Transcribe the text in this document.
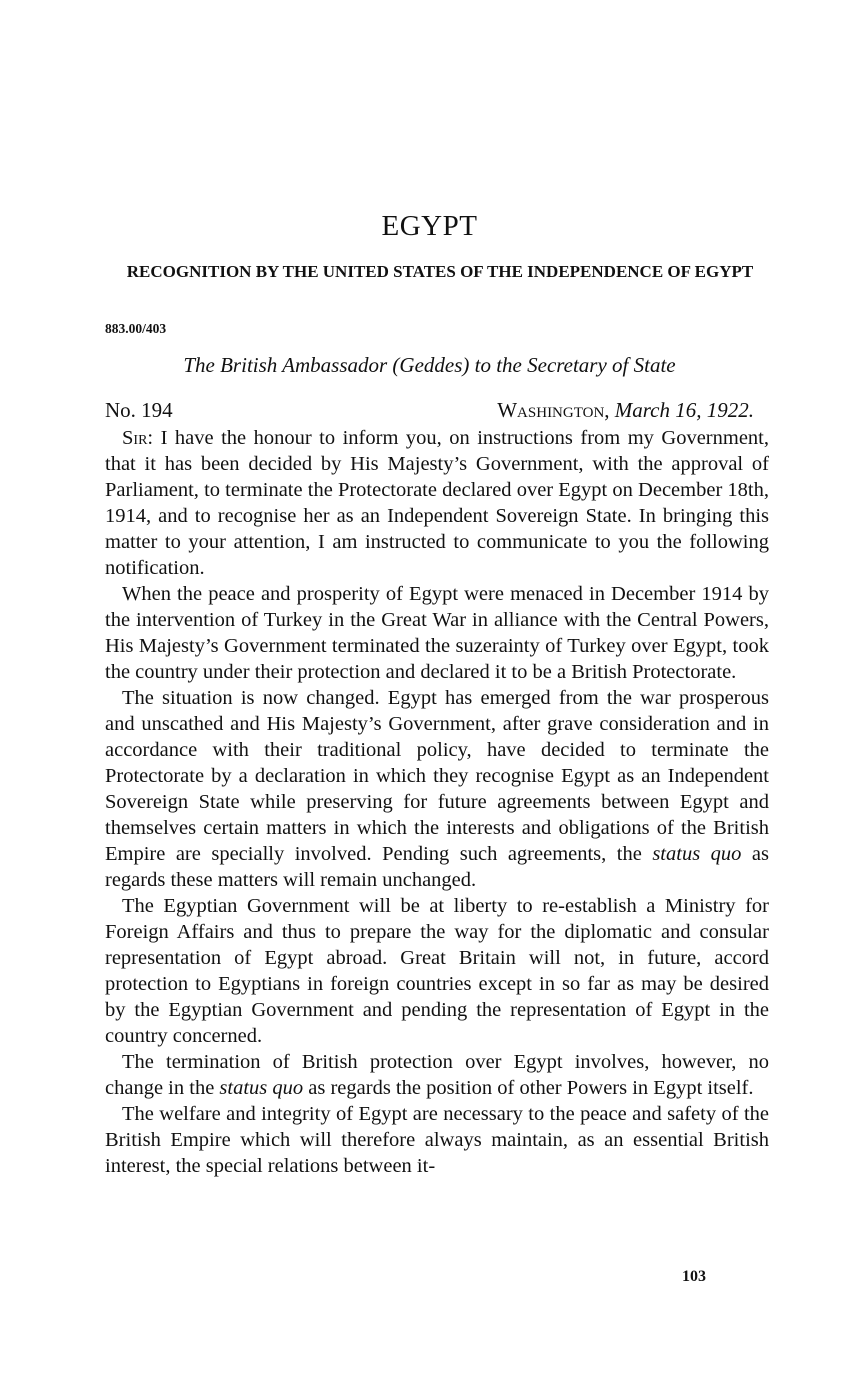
EGYPT
RECOGNITION BY THE UNITED STATES OF THE INDEPENDENCE OF EGYPT
883.00/403
The British Ambassador (Geddes) to the Secretary of State
No. 194	Washington, March 16, 1922.

Sir: I have the honour to inform you, on instructions from my Government, that it has been decided by His Majesty’s Government, with the approval of Parliament, to terminate the Protectorate declared over Egypt on December 18th, 1914, and to recognise her as an Independent Sovereign State. In bringing this matter to your attention, I am instructed to communicate to you the following notification.

When the peace and prosperity of Egypt were menaced in December 1914 by the intervention of Turkey in the Great War in alliance with the Central Powers, His Majesty’s Government terminated the suzerainty of Turkey over Egypt, took the country under their protection and declared it to be a British Protectorate.

The situation is now changed. Egypt has emerged from the war prosperous and unscathed and His Majesty’s Government, after grave consideration and in accordance with their traditional policy, have decided to terminate the Protectorate by a declaration in which they recognise Egypt as an Independent Sovereign State while preserving for future agreements between Egypt and themselves certain matters in which the interests and obligations of the British Empire are specially involved. Pending such agreements, the status quo as regards these matters will remain unchanged.

The Egyptian Government will be at liberty to re-establish a Ministry for Foreign Affairs and thus to prepare the way for the diplomatic and consular representation of Egypt abroad. Great Britain will not, in future, accord protection to Egyptians in foreign countries except in so far as may be desired by the Egyptian Government and pending the representation of Egypt in the country concerned.

The termination of British protection over Egypt involves, however, no change in the status quo as regards the position of other Powers in Egypt itself.

The welfare and integrity of Egypt are necessary to the peace and safety of the British Empire which will therefore always maintain, as an essential British interest, the special relations between it-

103
